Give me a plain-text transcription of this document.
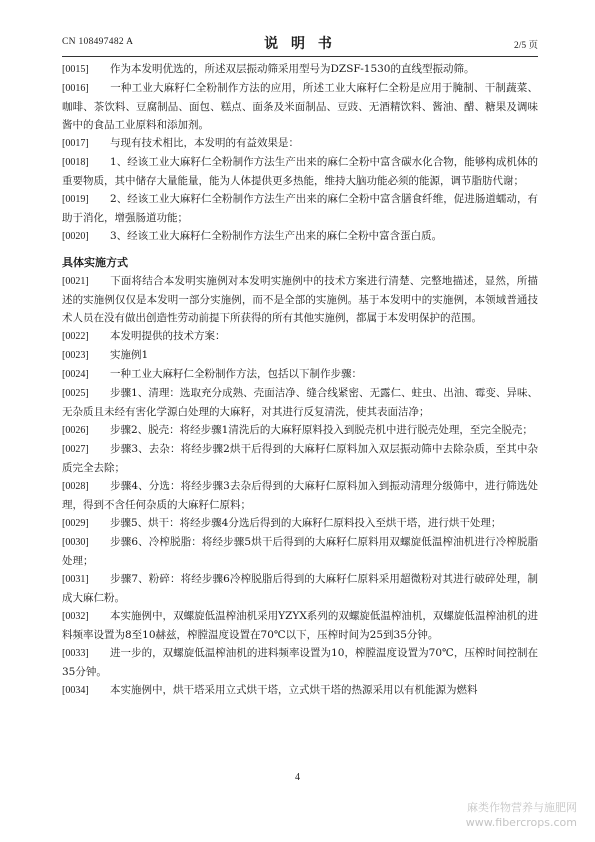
CN 108497482 A	说 明 书	2/5 页

[0015] 作为本发明优选的，所述双层振动筛采用型号为DZSF-1530的直线型振动筛。

[0016] 一种工业大麻籽仁全粉制作方法的应用，所述工业大麻籽仁全粉是应用于腌制、干制蔬菜、咖啡、茶饮料、豆腐制品、面包、糕点、面条及米面制品、豆豉、无酒精饮料、酱油、醋、糖果及调味酱中的食品工业原料和添加剂。

[0017] 与现有技术相比，本发明的有益效果是：

[0018] 1、经该工业大麻籽仁全粉制作方法生产出来的麻仁全粉中富含碳水化合物，能够构成机体的重要物质，其中储存大量能量，能为人体提供更多热能，维持大脑功能必须的能源，调节脂肪代谢；

[0019] 2、经该工业大麻籽仁全粉制作方法生产出来的麻仁全粉中富含膳食纤维，促进肠道蠕动，有助于消化，增强肠道功能；

[0020] 3、经该工业大麻籽仁全粉制作方法生产出来的麻仁全粉中富含蛋白质。

具体实施方式

[0021] 下面将结合本发明实施例对本发明实施例中的技术方案进行清楚、完整地描述，显然，所描述的实施例仅仅是本发明一部分实施例，而不是全部的实施例。基于本发明中的实施例，本领域普通技术人员在没有做出创造性劳动前提下所获得的所有其他实施例，都属于本发明保护的范围。

[0022] 本发明提供的技术方案：

[0023] 实施例1

[0024] 一种工业大麻籽仁全粉制作方法，包括以下制作步骤：

[0025] 步骤1、清理：选取充分成熟、壳面洁净、缝合线紧密、无露仁、蛀虫、出油、霉变、异味、无杂质且未经有害化学源白处理的大麻籽，对其进行反复清洗，使其表面洁净；

[0026] 步骤2、脱壳：将经步骤1清洗后的大麻籽原料投入到脱壳机中进行脱壳处理，至完全脱壳；

[0027] 步骤3、去杂：将经步骤2烘干后得到的大麻籽仁原料加入双层振动筛中去除杂质，至其中杂质完全去除；

[0028] 步骤4、分选：将经步骤3去杂后得到的大麻籽仁原料加入到振动清理分级筛中，进行筛选处理，得到不含任何杂质的大麻籽仁原料；

[0029] 步骤5、烘干：将经步骤4分选后得到的大麻籽仁原料投入至烘干塔，进行烘干处理；

[0030] 步骤6、冷榨脱脂：将经步骤5烘干后得到的大麻籽仁原料用双螺旋低温榨油机进行冷榨脱脂处理；

[0031] 步骤7、粉碎：将经步骤6冷榨脱脂后得到的大麻籽仁原料采用超微粉对其进行破碎处理，制成大麻仁粉。

[0032] 本实施例中，双螺旋低温榨油机采用YZYX系列的双螺旋低温榨油机，双螺旋低温榨油机的进料频率设置为8至10赫兹，榨膛温度设置在70℃以下，压榨时间为25到35分钟。

[0033] 进一步的，双螺旋低温榨油机的进料频率设置为10，榨膛温度设置为70℃，压榨时间控制在35分钟。

[0034] 本实施例中，烘干塔采用立式烘干塔，立式烘干塔的热源采用以有机能源为燃料

4
麻类作物营养与施肥网
www.fibercrops.com
